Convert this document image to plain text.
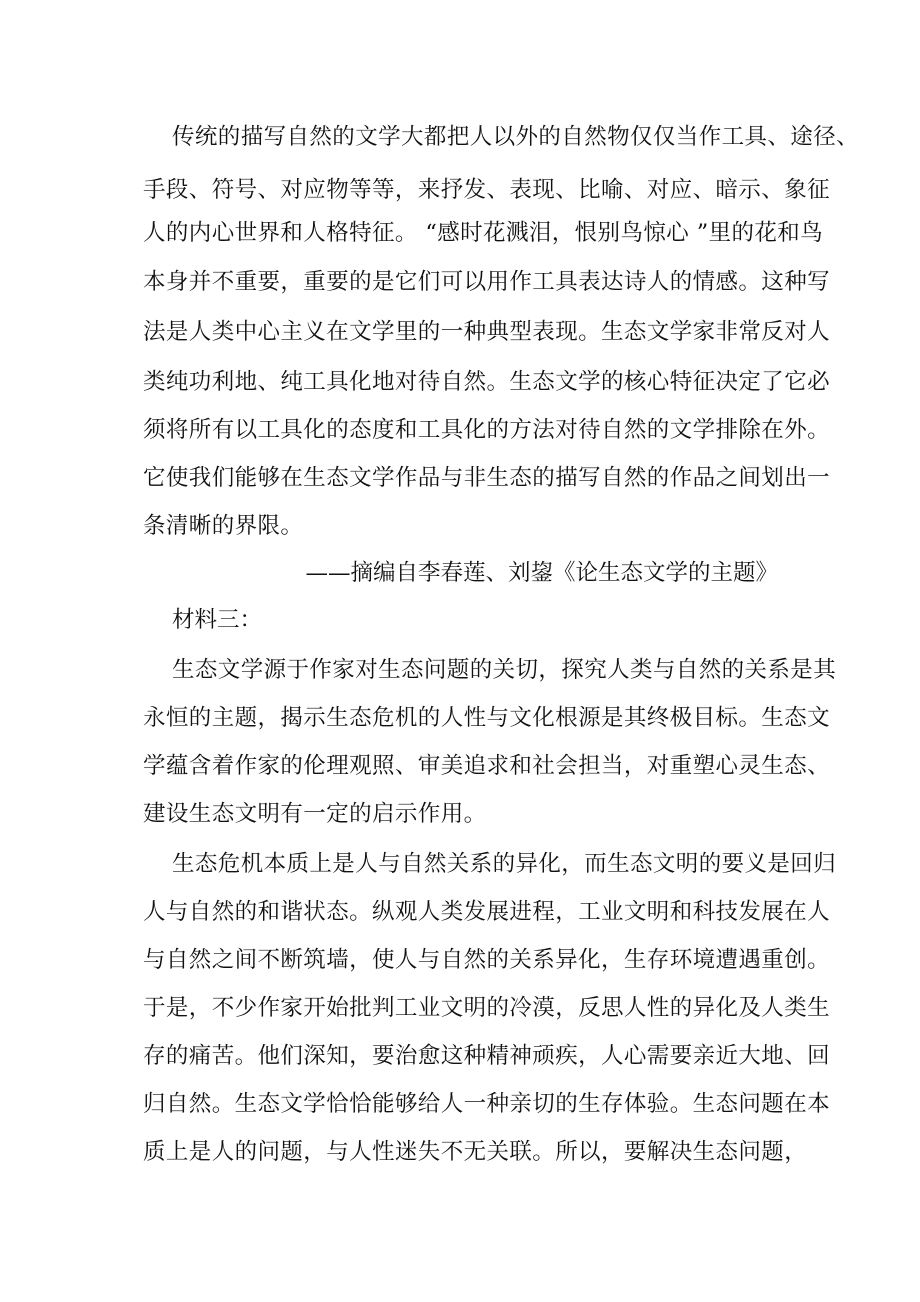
传统的描写自然的文学大都把人以外的自然物仅仅当作工具、途径、
手段、符号、对应物等等，来抒发、表现、比喻、对应、暗示、象征
人的内心世界和人格特征。 “感时花溅泪，恨别鸟惊心 ”里的花和鸟
本身并不重要，重要的是它们可以用作工具表达诗人的情感。这种写
法是人类中心主义在文学里的一种典型表现。生态文学家非常反对人
类纯功利地、纯工具化地对待自然。生态文学的核心特征决定了它必
须将所有以工具化的态度和工具化的方法对待自然的文学排除在外。
它使我们能够在生态文学作品与非生态的描写自然的作品之间划出一
条清晰的界限。
——摘编自李春莲、刘鋆《论生态文学的主题》
材料三：
生态文学源于作家对生态问题的关切，探究人类与自然的关系是其
永恒的主题，揭示生态危机的人性与文化根源是其终极目标。生态文
学蕴含着作家的伦理观照、审美追求和社会担当，对重塑心灵生态、
建设生态文明有一定的启示作用。
生态危机本质上是人与自然关系的异化，而生态文明的要义是回归
人与自然的和谐状态。纵观人类发展进程，工业文明和科技发展在人
与自然之间不断筑墙，使人与自然的关系异化，生存环境遭遇重创。
于是，不少作家开始批判工业文明的冷漠，反思人性的异化及人类生
存的痛苦。他们深知，要治愈这种精神顽疾，人心需要亲近大地、回
归自然。生态文学恰恰能够给人一种亲切的生存体验。生态问题在本
质上是人的问题，与人性迷失不无关联。所以，要解决生态问题，
